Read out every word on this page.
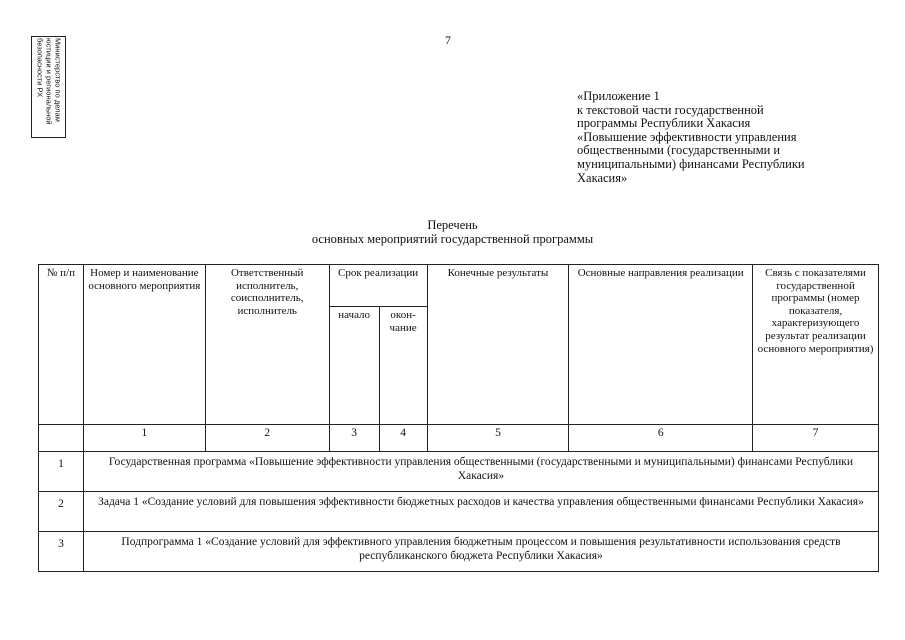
Министерство по делам
юстиции и региональной
безопасности РХ	7
«Приложение 1
к текстовой части государственной
программы Республики Хакасия
«Повышение эффективности управления
общественными (государственными и
муниципальными) финансами Республики
Хакасия»
Перечень
основных мероприятий государственной программы
№ п/п	Номер и наименование основного мероприятия	Ответственный исполнитель, соисполнитель, исполнитель	Срок реализации		Конечные результаты	Основные направления реализации	Связь с показателями государственной программы (номер показателя, характеризующего результат реализации основного мероприятия)
			начало	окон-чание			
	1	2	3	4	5	6	7
1	Государственная программа «Повышение эффективности управления общественными (государственными и муниципальными) финансами Республики Хакасия»						
2	Задача 1 «Создание условий для повышения эффективности бюджетных расходов и качества управления общественными финансами Республики Хакасия»						
3	Подпрограмма 1 «Создание условий для эффективного управления бюджетным процессом и повышения результативности использования средств республиканского бюджета Республики Хакасия»						
